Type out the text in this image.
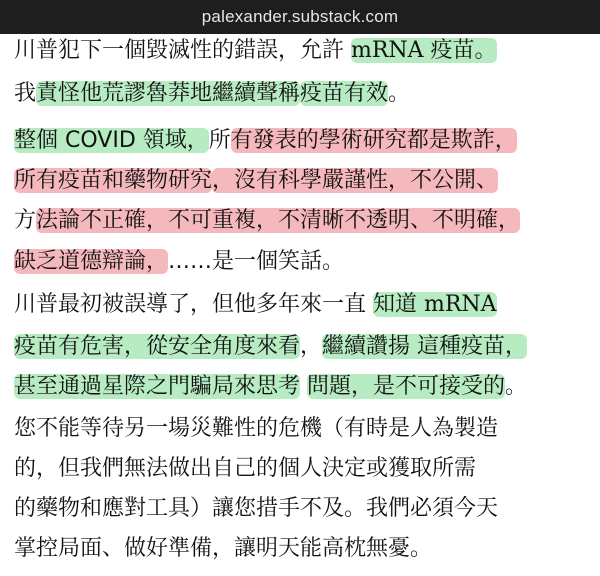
palexander.substack.com
川普犯下一個毀滅性的錯誤，允許 mRNA 疫苗。
我責怪他荒謬魯莽地繼續聲稱疫苗有效。
整個 COVID 領域，所有發表的學術研究都是欺詐，
所有疫苗和藥物研究，沒有科學嚴謹性，不公開、
方法論不正確，不可重複，不清晰不透明、不明確，
缺乏道德辯論，……是一個笑話。
川普最初被誤導了，但他多年來一直 知道 mRNA
疫苗有危害，從安全角度來看，繼續讚揚 這種疫苗，
甚至通過星際之門騙局來思考 問題，是不可接受的。
您不能等待另一場災難性的危機（有時是人為製造
的，但我們無法做出自己的個人決定或獲取所需
的藥物和應對工具）讓您措手不及。我們必須今天
掌控局面、做好準備，讓明天能高枕無憂。
